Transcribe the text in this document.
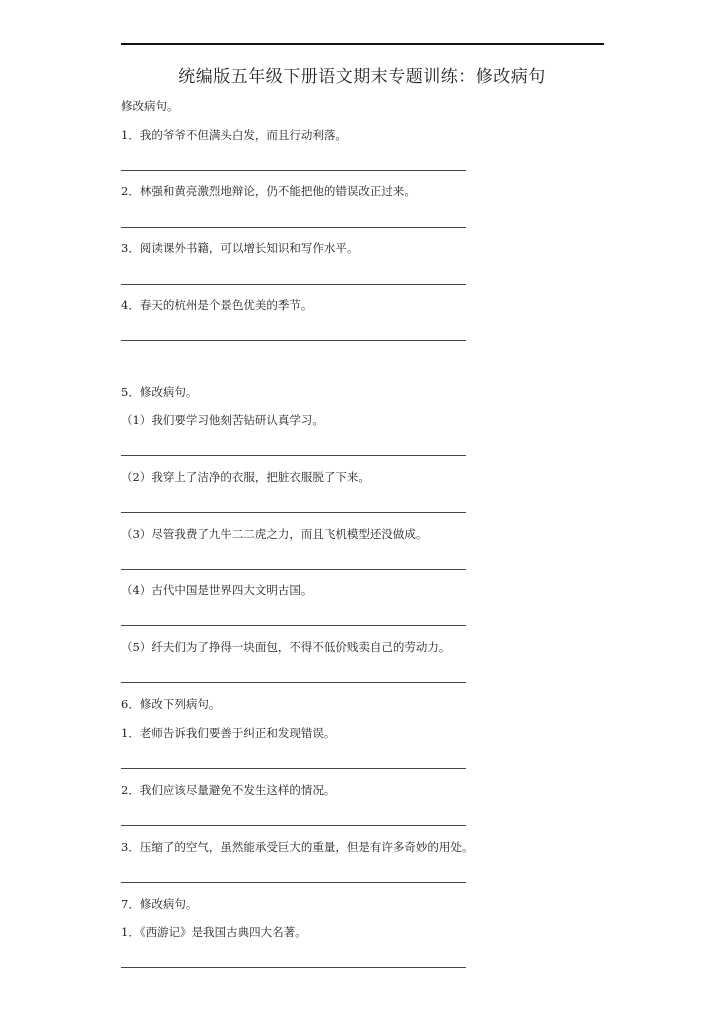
统编版五年级下册语文期末专题训练：修改病句
修改病句。
1．我的爷爷不但满头白发，而且行动利落。
2．林强和黄亮激烈地辩论，仍不能把他的错误改正过来。
3．阅读课外书籍，可以增长知识和写作水平。
4．春天的杭州是个景色优美的季节。
5．修改病句。
（1）我们要学习他刻苦钻研认真学习。
（2）我穿上了洁净的衣服，把脏衣服脱了下来。
（3）尽管我费了九牛二二虎之力，而且飞机模型还没做成。
（4）古代中国是世界四大文明古国。
（5）纤夫们为了挣得一块面包，不得不低价贱卖自己的劳动力。
6．修改下列病句。
1．老师告诉我们要善于纠正和发现错误。
2．我们应该尽量避免不发生这样的情况。
3．压缩了的空气，虽然能承受巨大的重量，但是有许多奇妙的用处。
7．修改病句。
1．《西游记》是我国古典四大名著。
